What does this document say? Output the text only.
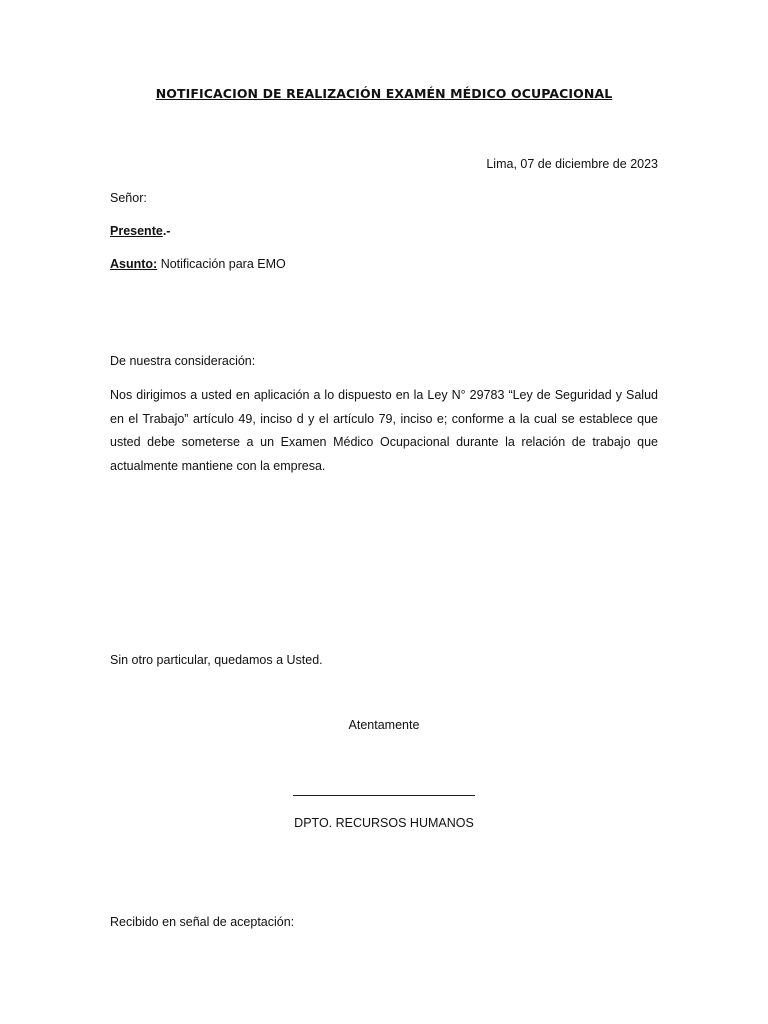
NOTIFICACION DE REALIZACIÓN EXAMÉN MÉDICO OCUPACIONAL
Lima, 07 de diciembre de 2023
Señor:
Presente.-
Asunto: Notificación para EMO
De nuestra consideración:
Nos dirigimos a usted en aplicación a lo dispuesto en la Ley N° 29783 “Ley de Seguridad y Salud en el Trabajo” artículo 49, inciso d y el artículo 79, inciso e; conforme a la cual se establece que usted debe someterse a un Examen Médico Ocupacional durante la relación de trabajo que actualmente mantiene con la empresa.
Sin otro particular, quedamos a Usted.
Atentamente
DPTO. RECURSOS HUMANOS
Recibido en señal de aceptación:
